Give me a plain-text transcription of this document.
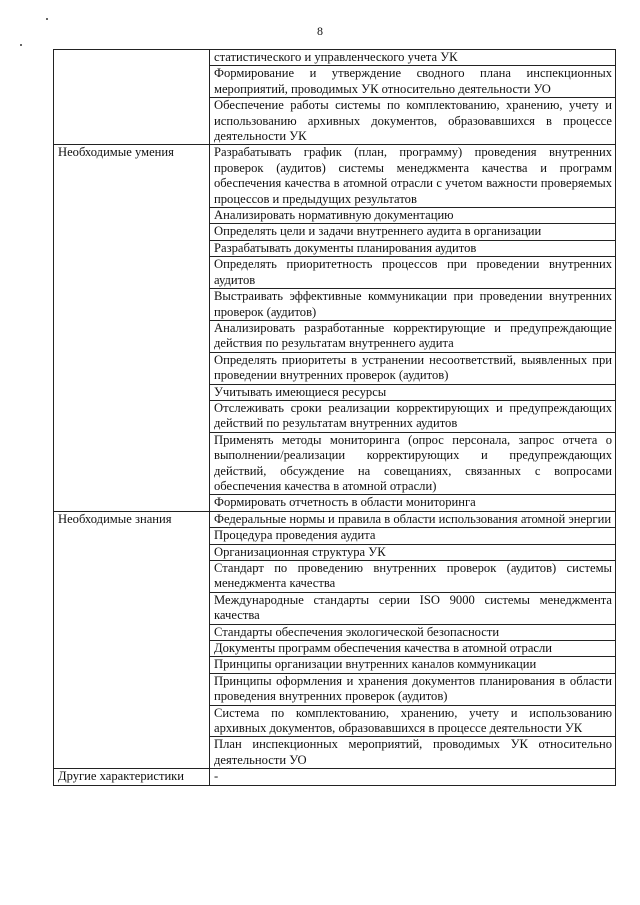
8
	статистического и управленческого учета УК
	Формирование и утверждение сводного плана инспекционных мероприятий, проводимых УК относительно деятельности УО
	Обеспечение работы системы по комплектованию, хранению, учету и использованию архивных документов, образовавшихся в процессе деятельности УК

Необходимые умения	Разрабатывать график (план, программу) проведения внутренних проверок (аудитов) системы менеджмента качества и программ обеспечения качества в атомной отрасли с учетом важности проверяемых процессов и предыдущих результатов
	Анализировать нормативную документацию
	Определять цели и задачи внутреннего аудита в организации
	Разрабатывать документы планирования аудитов
	Определять приоритетность процессов при проведении внутренних аудитов
	Выстраивать эффективные коммуникации при проведении внутренних проверок (аудитов)
	Анализировать разработанные корректирующие и предупреждающие действия по результатам внутреннего аудита
	Определять приоритеты в устранении несоответствий, выявленных при проведении внутренних проверок (аудитов)
	Учитывать имеющиеся ресурсы
	Отслеживать сроки реализации корректирующих и предупреждающих действий по результатам внутренних аудитов
	Применять методы мониторинга (опрос персонала, запрос отчета о выполнении/реализации корректирующих и предупреждающих действий, обсуждение на совещаниях, связанных с вопросами обеспечения качества в атомной отрасли)
	Формировать отчетность в области мониторинга

Необходимые знания	Федеральные нормы и правила в области использования атомной энергии
	Процедура проведения аудита
	Организационная структура УК
	Стандарт по проведению внутренних проверок (аудитов) системы менеджмента качества
	Международные стандарты серии ISO 9000 системы менеджмента качества
	Стандарты обеспечения экологической безопасности
	Документы программ обеспечения качества в атомной отрасли
	Принципы организации внутренних каналов коммуникации
	Принципы оформления и хранения документов планирования в области проведения внутренних проверок (аудитов)
	Система по комплектованию, хранению, учету и использованию архивных документов, образовавшихся в процессе деятельности УК
	План инспекционных мероприятий, проводимых УК относительно деятельности УО

Другие характеристики	-
